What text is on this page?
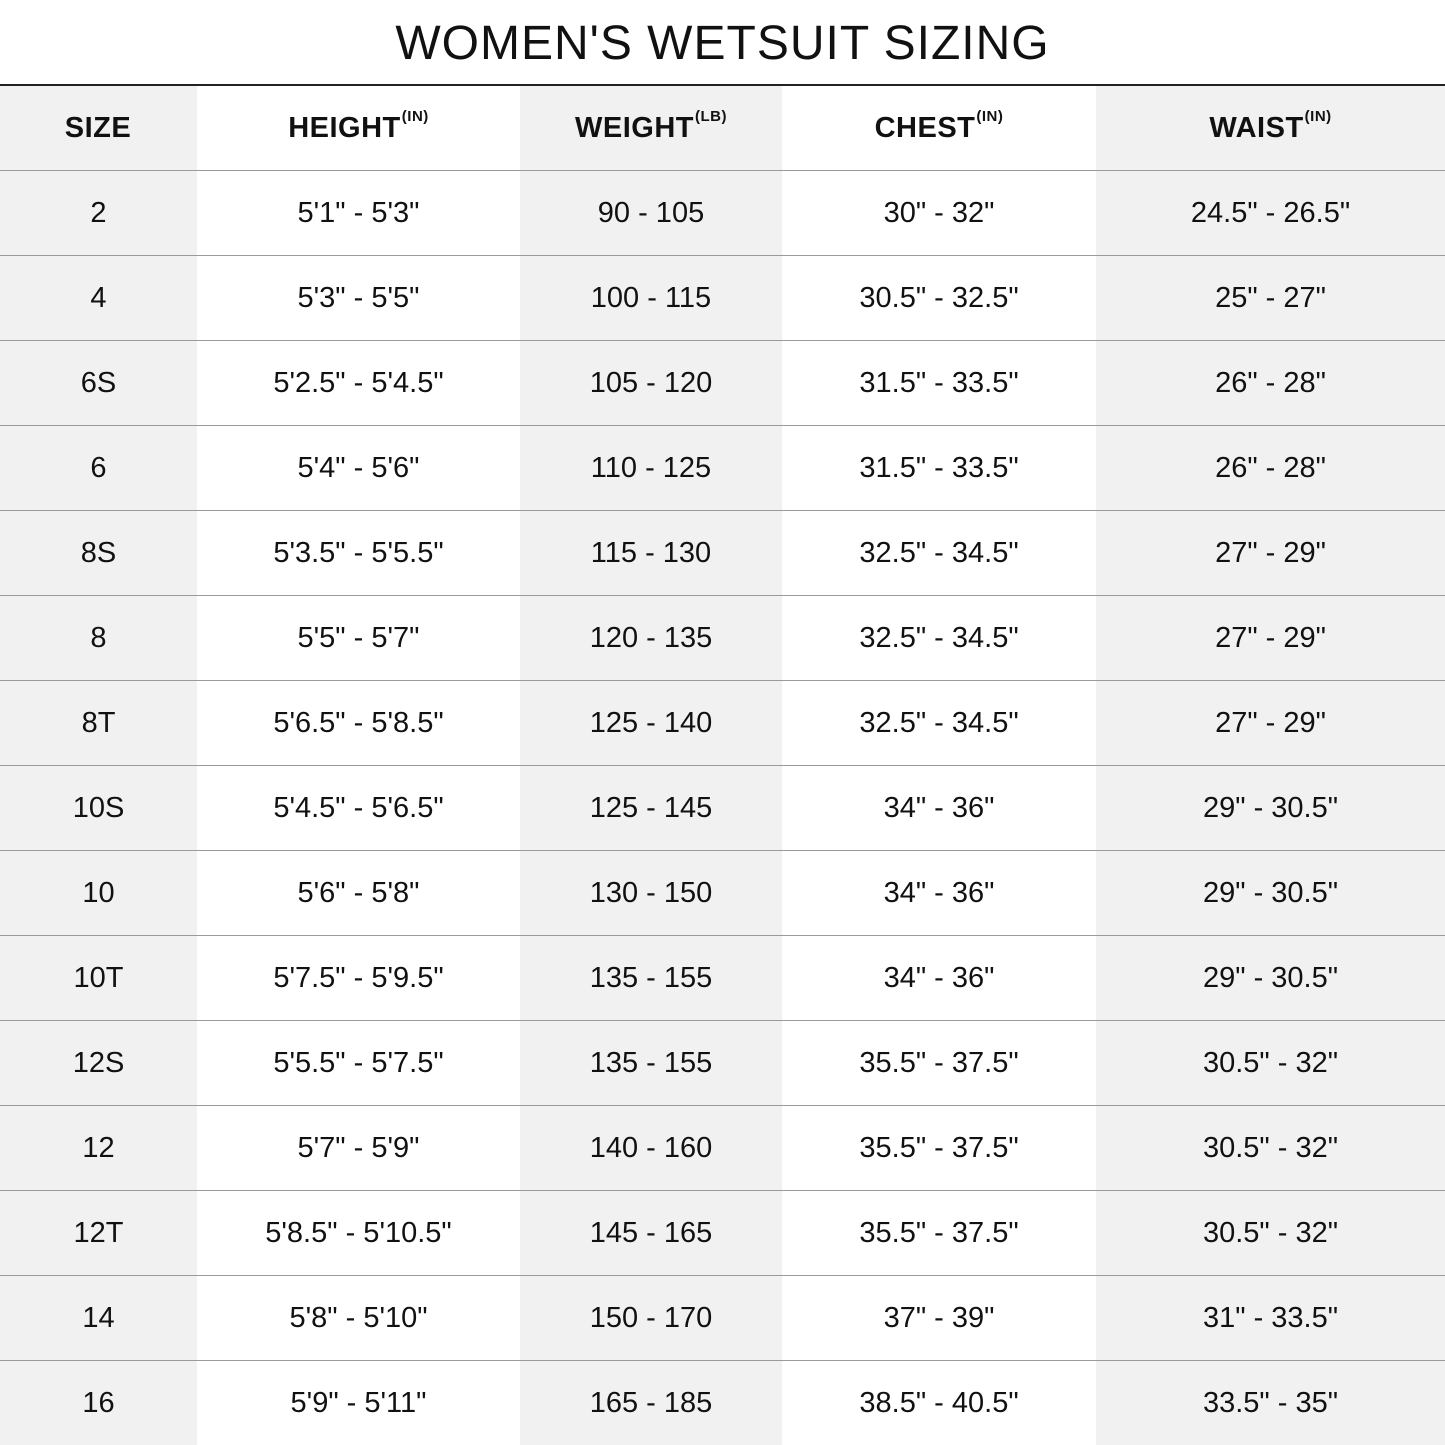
WOMEN'S WETSUIT SIZING
SIZE	$HEIGHT^{(IN)}$	$WEIGHT^{(LB)}$	$CHEST^{(IN)}$	$WAIST^{(IN)}$
2	5'1" - 5'3"	90 - 105	30" - 32"	24.5" - 26.5"
4	5'3" - 5'5"	100 - 115	30.5" - 32.5"	25" - 27"
6S	5'2.5" - 5'4.5"	105 - 120	31.5" - 33.5"	26" - 28"
6	5'4" - 5'6"	110 - 125	31.5" - 33.5"	26" - 28"
8S	5'3.5" - 5'5.5"	115 - 130	32.5" - 34.5"	27" - 29"
8	5'5" - 5'7"	120 - 135	32.5" - 34.5"	27" - 29"
8T	5'6.5" - 5'8.5"	125 - 140	32.5" - 34.5"	27" - 29"
10S	5'4.5" - 5'6.5"	125 - 145	34" - 36"	29" - 30.5"
10	5'6" - 5'8"	130 - 150	34" - 36"	29" - 30.5"
10T	5'7.5" - 5'9.5"	135 - 155	34" - 36"	29" - 30.5"
12S	5'5.5" - 5'7.5"	135 - 155	35.5" - 37.5"	30.5" - 32"
12	5'7" - 5'9"	140 - 160	35.5" - 37.5"	30.5" - 32"
12T	5'8.5" - 5'10.5"	145 - 165	35.5" - 37.5"	30.5" - 32"
14	5'8" - 5'10"	150 - 170	37" - 39"	31" - 33.5"
16	5'9" - 5'11"	165 - 185	38.5" - 40.5"	33.5" - 35"
